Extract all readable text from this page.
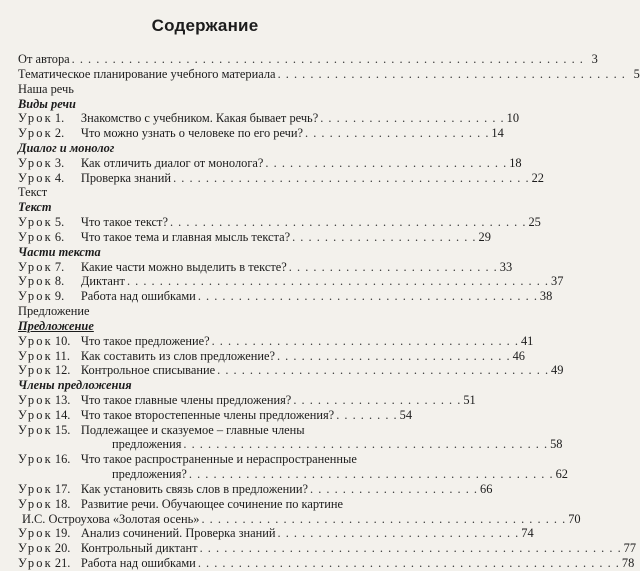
Содержание
От автора . . . . . . . . . . . . . . . . . . . . . . . . . . . . . . . . . . . . . . . . . . . . . . . . . . . . . . . . . . . . . . . 3
Тематическое планирование учебного материала . . . . . . . . . . . . . . . . . . . . . . . . . . . . . . . . . . . . . . . . . . . 5
Наша речь
Виды речи
Урок 1.	Знакомство с учебником. Какая бывает речь? . . . . . . . . . . . . . . . . . . . . . . . 10
Урок 2.	Что можно узнать о человеке по его речи? . . . . . . . . . . . . . . . . . . . . . . . 14
Диалог и монолог
Урок 3.	Как отличить диалог от монолога? . . . . . . . . . . . . . . . . . . . . . . . . . . . . . . 18
Урок 4.	Проверка знаний . . . . . . . . . . . . . . . . . . . . . . . . . . . . . . . . . . . . . . . . . . . . 22
Текст
Текст
Урок 5.	Что такое текст? . . . . . . . . . . . . . . . . . . . . . . . . . . . . . . . . . . . . . . . . . . . . 25
Урок 6.	Что такое тема и главная мысль текста? . . . . . . . . . . . . . . . . . . . . . . . 29
Части текста
Урок 7.	Какие части можно выделить в тексте? . . . . . . . . . . . . . . . . . . . . . . . . . . 33
Урок 8.	Диктант . . . . . . . . . . . . . . . . . . . . . . . . . . . . . . . . . . . . . . . . . . . . . . . . . . . . 37
Урок 9.	Работа над ошибками . . . . . . . . . . . . . . . . . . . . . . . . . . . . . . . . . . . . . . . . . . 38
Предложение
Предложение
Урок 10. Что такое предложение? . . . . . . . . . . . . . . . . . . . . . . . . . . . . . . . . . . . . . . 41
Урок 11. Как составить из слов предложение? . . . . . . . . . . . . . . . . . . . . . . . . . . . . . 46
Урок 12. Контрольное списывание . . . . . . . . . . . . . . . . . . . . . . . . . . . . . . . . . . . . . . . . . 49
Члены предложения
Урок 13. Что такое главные члены предложения? . . . . . . . . . . . . . . . . . . . . . 51
Урок 14. Что такое второстепенные члены предложения? . . . . . . . . 54
Урок 15. Подлежащее и сказуемое – главные члены
предложения . . . . . . . . . . . . . . . . . . . . . . . . . . . . . . . . . . . . . . . . . . . . . 58
Урок 16. Что такое распространенные и нераспространенные
предложения? . . . . . . . . . . . . . . . . . . . . . . . . . . . . . . . . . . . . . . . . . . . . . 62
Урок 17. Как установить связь слов в предложении? . . . . . . . . . . . . . . . . . . . . . 66
Урок 18. Развитие речи. Обучающее сочинение по картине
И.С. Остроухова «Золотая осень» . . . . . . . . . . . . . . . . . . . . . . . . . . . . . . . . . . . . . . . . . . . . . 70
Урок 19. Анализ сочинений. Проверка знаний . . . . . . . . . . . . . . . . . . . . . . . . . . . . . . 74
Урок 20. Контрольный диктант . . . . . . . . . . . . . . . . . . . . . . . . . . . . . . . . . . . . . . . . . . . . . . . . . . . . 77
Урок 21. Работа над ошибками . . . . . . . . . . . . . . . . . . . . . . . . . . . . . . . . . . . . . . . . . . . . . . . . . . . . 78
